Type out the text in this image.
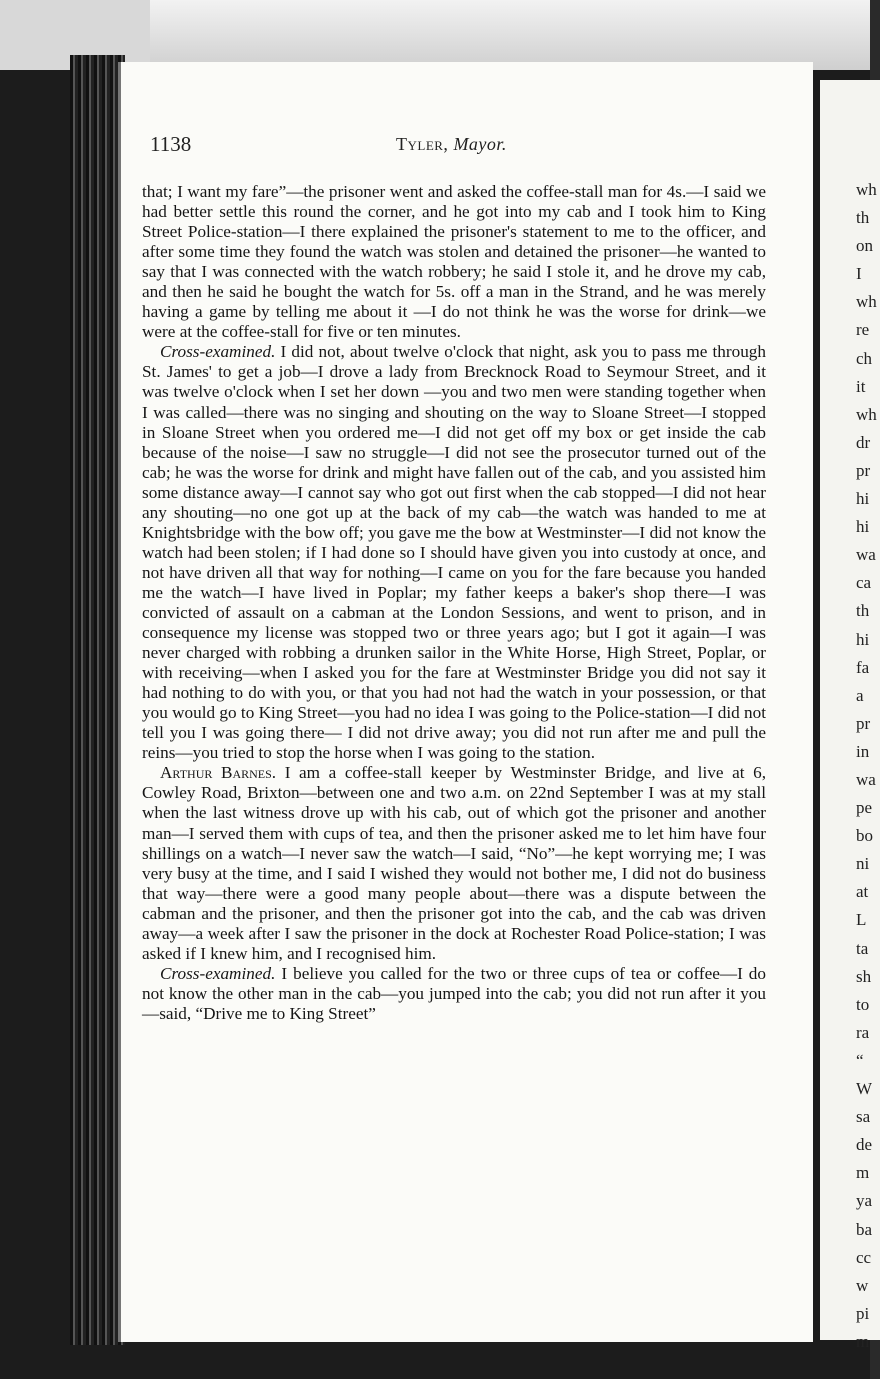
wh
th
on
I
wh
re
ch
it
wh
dr
pr
hi
hi
wa
ca
th
hi
fa
a
pr
in
wa
pe
bo
ni
at
L
ta
sh
to
ra
“
W
sa
de
m
ya
ba
cc
w
pi
m
1138	Tyler, Mayor.

that; I want my fare”—the prisoner went and asked the coffee-stall man for 4s.—I said we had better settle this round the corner, and he got into my cab and I took him to King Street Police-station—I there explained the prisoner's statement to me to the officer, and after some time they found the watch was stolen and detained the prisoner—he wanted to say that I was connected with the watch robbery; he said I stole it, and he drove my cab, and then he said he bought the watch for 5s. off a man in the Strand, and he was merely having a game by telling me about it —I do not think he was the worse for drink—we were at the coffee-stall for five or ten minutes.

Cross-examined. I did not, about twelve o'clock that night, ask you to pass me through St. James' to get a job—I drove a lady from Brecknock Road to Seymour Street, and it was twelve o'clock when I set her down —you and two men were standing together when I was called—there was no singing and shouting on the way to Sloane Street—I stopped in Sloane Street when you ordered me—I did not get off my box or get inside the cab because of the noise—I saw no struggle—I did not see the prosecutor turned out of the cab; he was the worse for drink and might have fallen out of the cab, and you assisted him some distance away—I cannot say who got out first when the cab stopped—I did not hear any shouting—no one got up at the back of my cab—the watch was handed to me at Knightsbridge with the bow off; you gave me the bow at Westminster—I did not know the watch had been stolen; if I had done so I should have given you into custody at once, and not have driven all that way for nothing—I came on you for the fare because you handed me the watch—I have lived in Poplar; my father keeps a baker's shop there—I was convicted of assault on a cabman at the London Sessions, and went to prison, and in consequence my license was stopped two or three years ago; but I got it again—I was never charged with robbing a drunken sailor in the White Horse, High Street, Poplar, or with receiving—when I asked you for the fare at Westminster Bridge you did not say it had nothing to do with you, or that you had not had the watch in your possession, or that you would go to King Street—you had no idea I was going to the Police-station—I did not tell you I was going there— I did not drive away; you did not run after me and pull the reins—you tried to stop the horse when I was going to the station.

Arthur Barnes. I am a coffee-stall keeper by Westminster Bridge, and live at 6, Cowley Road, Brixton—between one and two a.m. on 22nd September I was at my stall when the last witness drove up with his cab, out of which got the prisoner and another man—I served them with cups of tea, and then the prisoner asked me to let him have four shillings on a watch—I never saw the watch—I said, “No”—he kept worrying me; I was very busy at the time, and I said I wished they would not bother me, I did not do business that way—there were a good many people about—there was a dispute between the cabman and the prisoner, and then the prisoner got into the cab, and the cab was driven away—a week after I saw the prisoner in the dock at Rochester Road Police-station; I was asked if I knew him, and I recognised him.

Cross-examined. I believe you called for the two or three cups of tea or coffee—I do not know the other man in the cab—you jumped into the cab; you did not run after it you—said, “Drive me to King Street”
